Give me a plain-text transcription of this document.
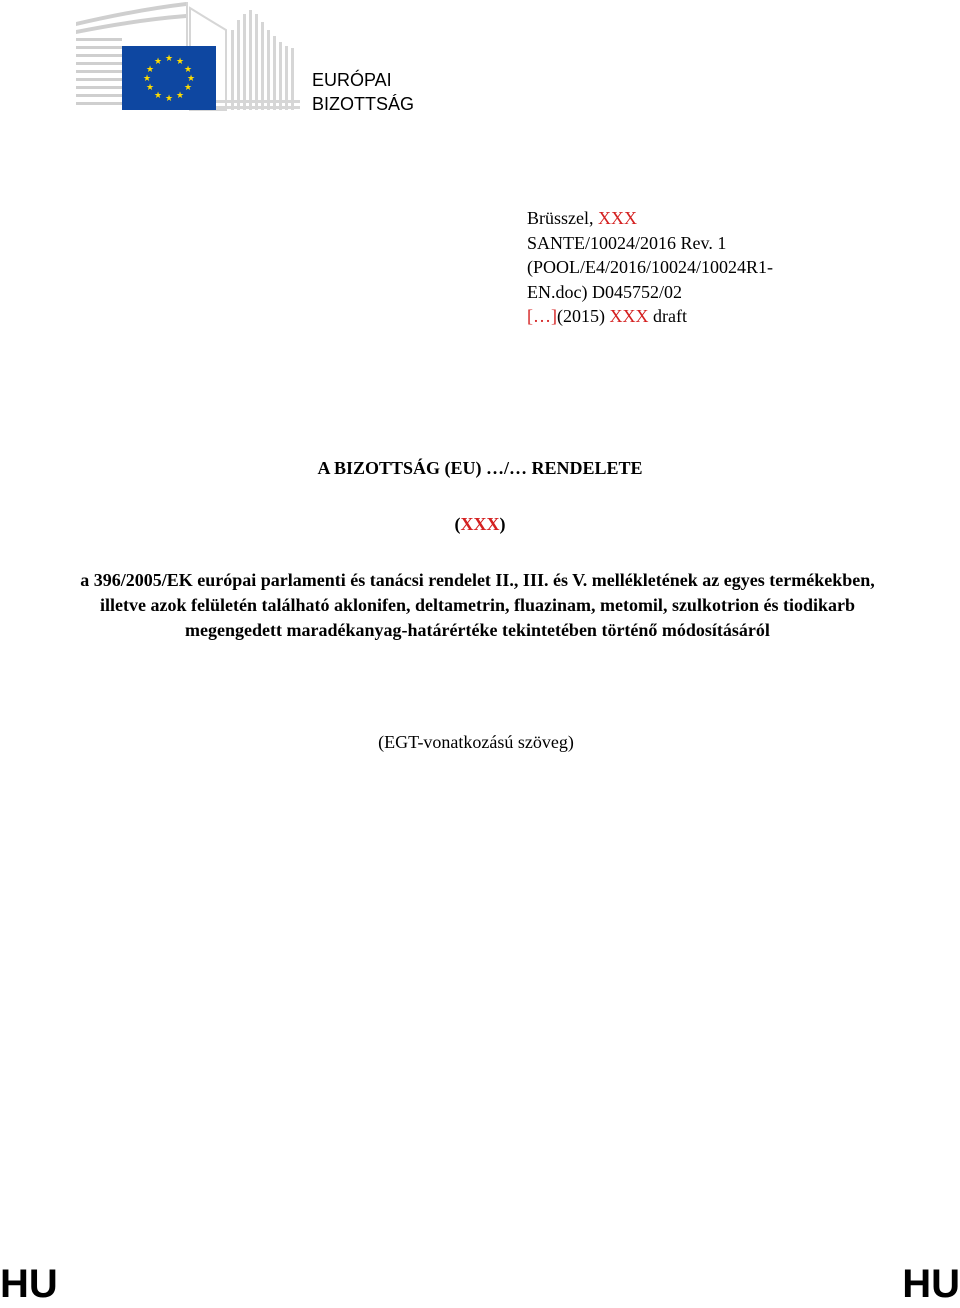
★ ★
★
★
★
★
★
★
★
★
★
★
EURÓPAI
BIZOTTSÁG
Brüsszel, XXX
SANTE/10024/2016 Rev. 1
(POOL/E4/2016/10024/10024R1-
EN.doc) D045752/02
[…](2015) XXX draft
A BIZOTTSÁG (EU) …/… RENDELETE
(XXX)
a 396/2005/EK európai parlamenti és tanácsi rendelet II., III. és V. mellékletének az egyes termékekben, illetve azok felületén található aklonifen, deltametrin, fluazinam, metomil, szulkotrion és tiodikarb megengedett maradékanyag-határértéke tekintetében történő módosításáról
(EGT-vonatkozású szöveg)
HU	HU
